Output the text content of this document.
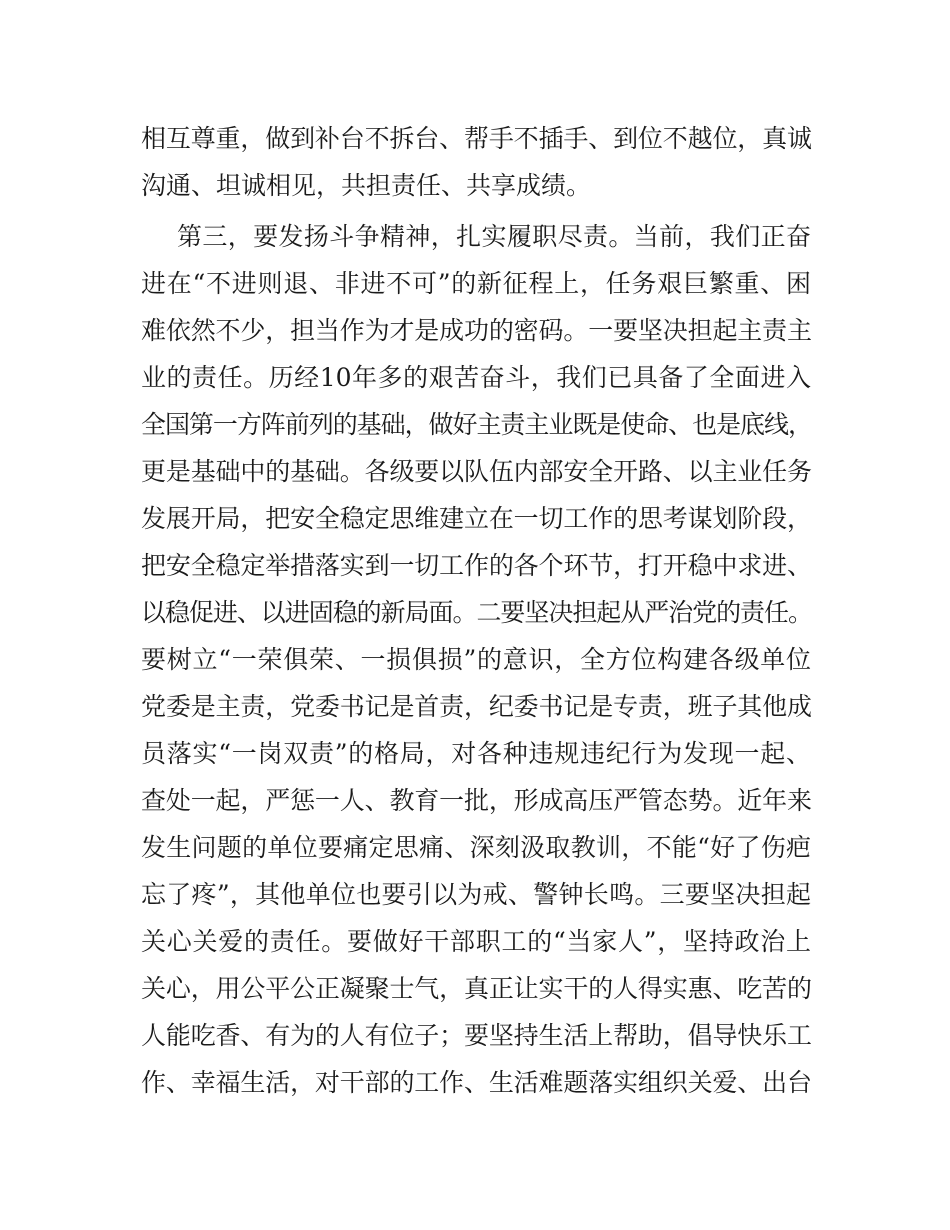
相互尊重，做到补台不拆台、帮手不插手、到位不越位，真诚
沟通、坦诚相见，共担责任、共享成绩。
第三，要发扬斗争精神，扎实履职尽责。当前，我们正奋
进在“不进则退、非进不可”的新征程上，任务艰巨繁重、困
难依然不少，担当作为才是成功的密码。一要坚决担起主责主
业的责任。历经10年多的艰苦奋斗，我们已具备了全面进入
全国第一方阵前列的基础，做好主责主业既是使命、也是底线，
更是基础中的基础。各级要以队伍内部安全开路、以主业任务
发展开局，把安全稳定思维建立在一切工作的思考谋划阶段，
把安全稳定举措落实到一切工作的各个环节，打开稳中求进、
以稳促进、以进固稳的新局面。二要坚决担起从严治党的责任。
要树立“一荣俱荣、一损俱损”的意识，全方位构建各级单位
党委是主责，党委书记是首责，纪委书记是专责，班子其他成
员落实“一岗双责”的格局，对各种违规违纪行为发现一起、
查处一起，严惩一人、教育一批，形成高压严管态势。近年来
发生问题的单位要痛定思痛、深刻汲取教训，不能“好了伤疤
忘了疼”，其他单位也要引以为戒、警钟长鸣。三要坚决担起
关心关爱的责任。要做好干部职工的“当家人”，坚持政治上
关心，用公平公正凝聚士气，真正让实干的人得实惠、吃苦的
人能吃香、有为的人有位子；要坚持生活上帮助，倡导快乐工
作、幸福生活，对干部的工作、生活难题落实组织关爱、出台
